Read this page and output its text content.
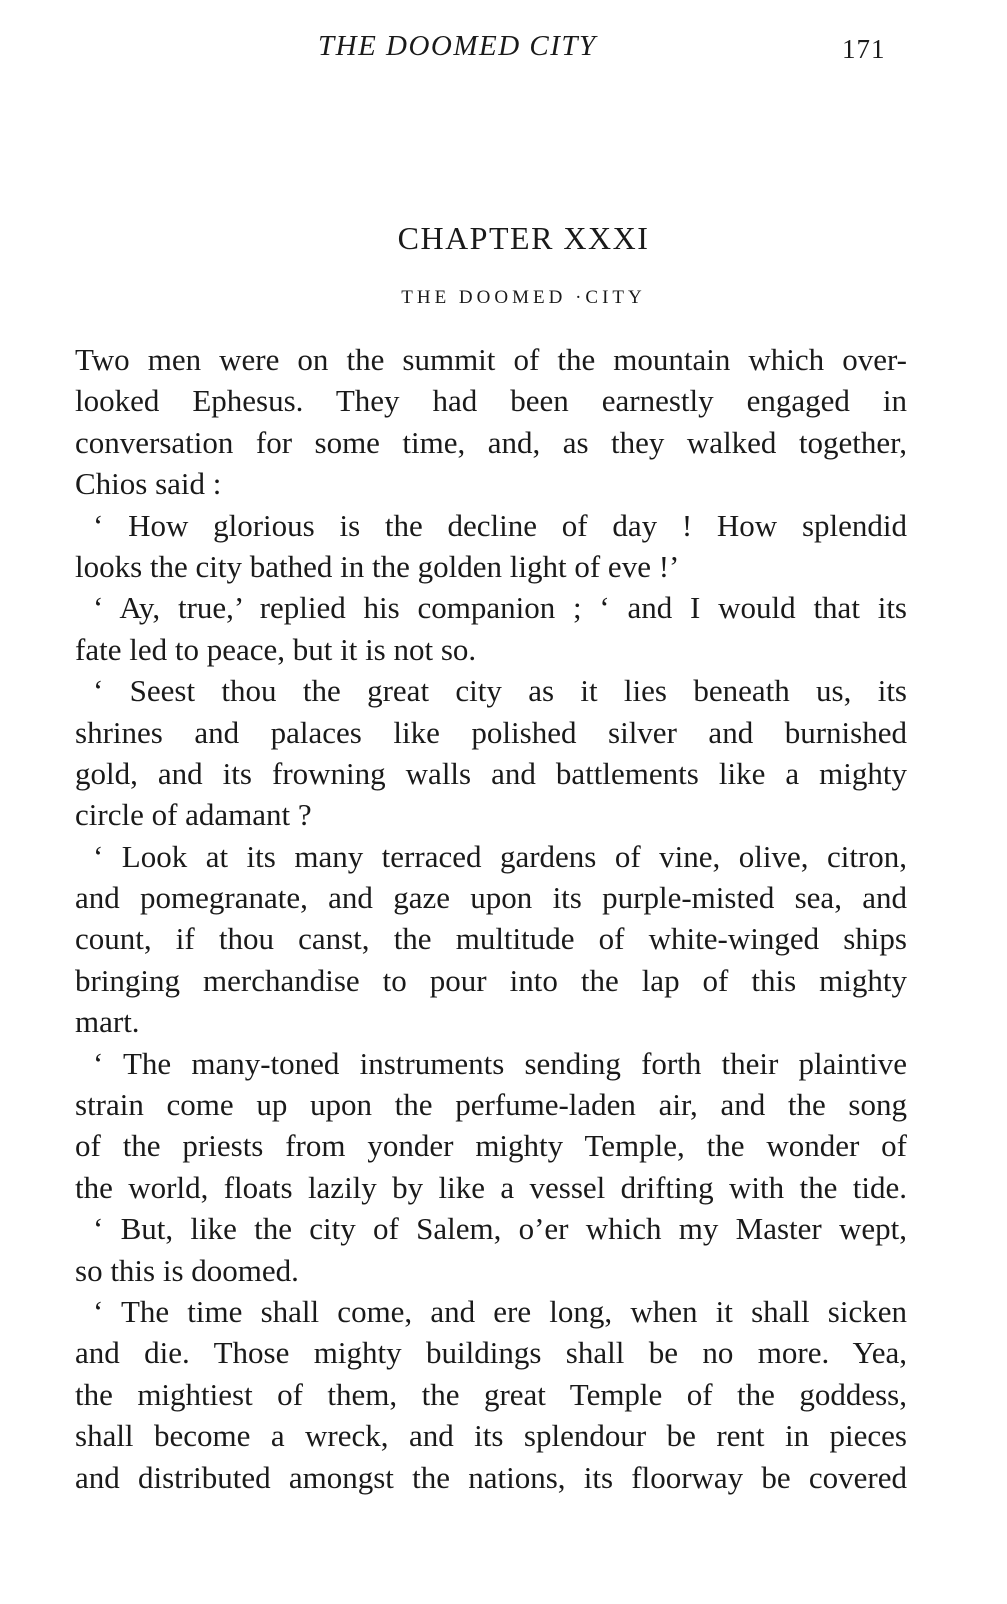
THE DOOMED CITY	171
CHAPTER XXXI
THE DOOMED ·CITY
Two men were on the summit of the mountain which over-
looked Ephesus. They had been earnestly engaged in
conversation for some time, and, as they walked together,
Chios said :
‘ How glorious is the decline of day ! How splendid
looks the city bathed in the golden light of eve !’
‘ Ay, true,’ replied his companion ; ‘ and I would that its
fate led to peace, but it is not so.
‘ Seest thou the great city as it lies beneath us, its
shrines and palaces like polished silver and burnished
gold, and its frowning walls and battlements like a mighty
circle of adamant ?
‘ Look at its many terraced gardens of vine, olive, citron,
and pomegranate, and gaze upon its purple-misted sea, and
count, if thou canst, the multitude of white-winged ships
bringing merchandise to pour into the lap of this mighty
mart.
‘ The many-toned instruments sending forth their plaintive
strain come up upon the perfume-laden air, and the song
of the priests from yonder mighty Temple, the wonder of
the world, floats lazily by like a vessel drifting with the tide.
‘ But, like the city of Salem, o’er which my Master wept,
so this is doomed.
‘ The time shall come, and ere long, when it shall sicken
and die. Those mighty buildings shall be no more. Yea,
the mightiest of them, the great Temple of the goddess,
shall become a wreck, and its splendour be rent in pieces
and distributed amongst the nations, its floorway be covered
